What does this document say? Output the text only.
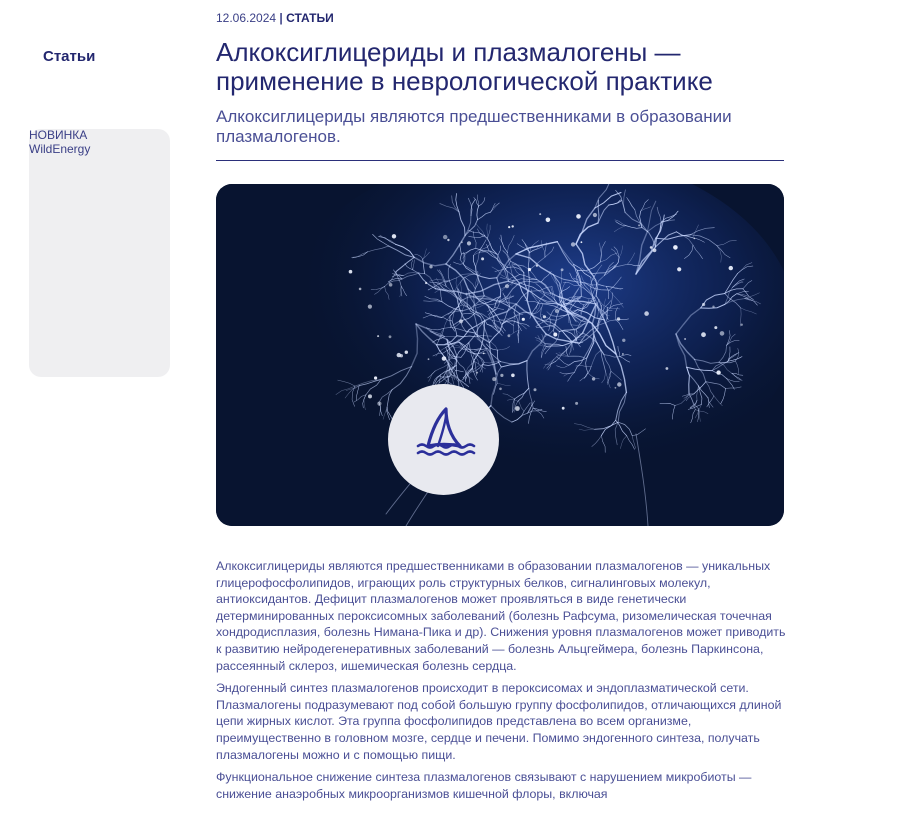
Статьи
НОВИНКА
WildEnergy
12.06.2024 | СТАТЬИ
Алкоксиглицериды и плазмалогены — применение в неврологической практике
Алкоксиглицериды являются предшественниками в образовании плазмалогенов.

Алкоксиглицериды являются предшественниками в образовании плазмалогенов — уникальных глицерофосфолипидов, играющих роль структурных белков, сигналинговых молекул, антиоксидантов. Дефицит плазмалогенов может проявляться в виде генетически детерминированных пероксисомных заболеваний (болезнь Рафсума, ризомелическая точечная хондродисплазия, болезнь Нимана-Пика и др). Снижения уровня плазмалогенов может приводить к развитию нейродегенеративных заболеваний — болезнь Альцгеймера, болезнь Паркинсона, рассеянный склероз, ишемическая болезнь сердца.

Эндогенный синтез плазмалогенов происходит в пероксисомах и эндоплазматической сети. Плазмалогены подразумевают под собой большую группу фосфолипидов, отличающихся длиной цепи жирных кислот. Эта группа фосфолипидов представлена во всем организме, преимущественно в головном мозге, сердце и печени. Помимо эндогенного синтеза, получать плазмалогены можно и с помощью пищи.

Функциональное снижение синтеза плазмалогенов связывают с нарушением микробиоты — снижение анаэробных микроорганизмов кишечной флоры, включая
